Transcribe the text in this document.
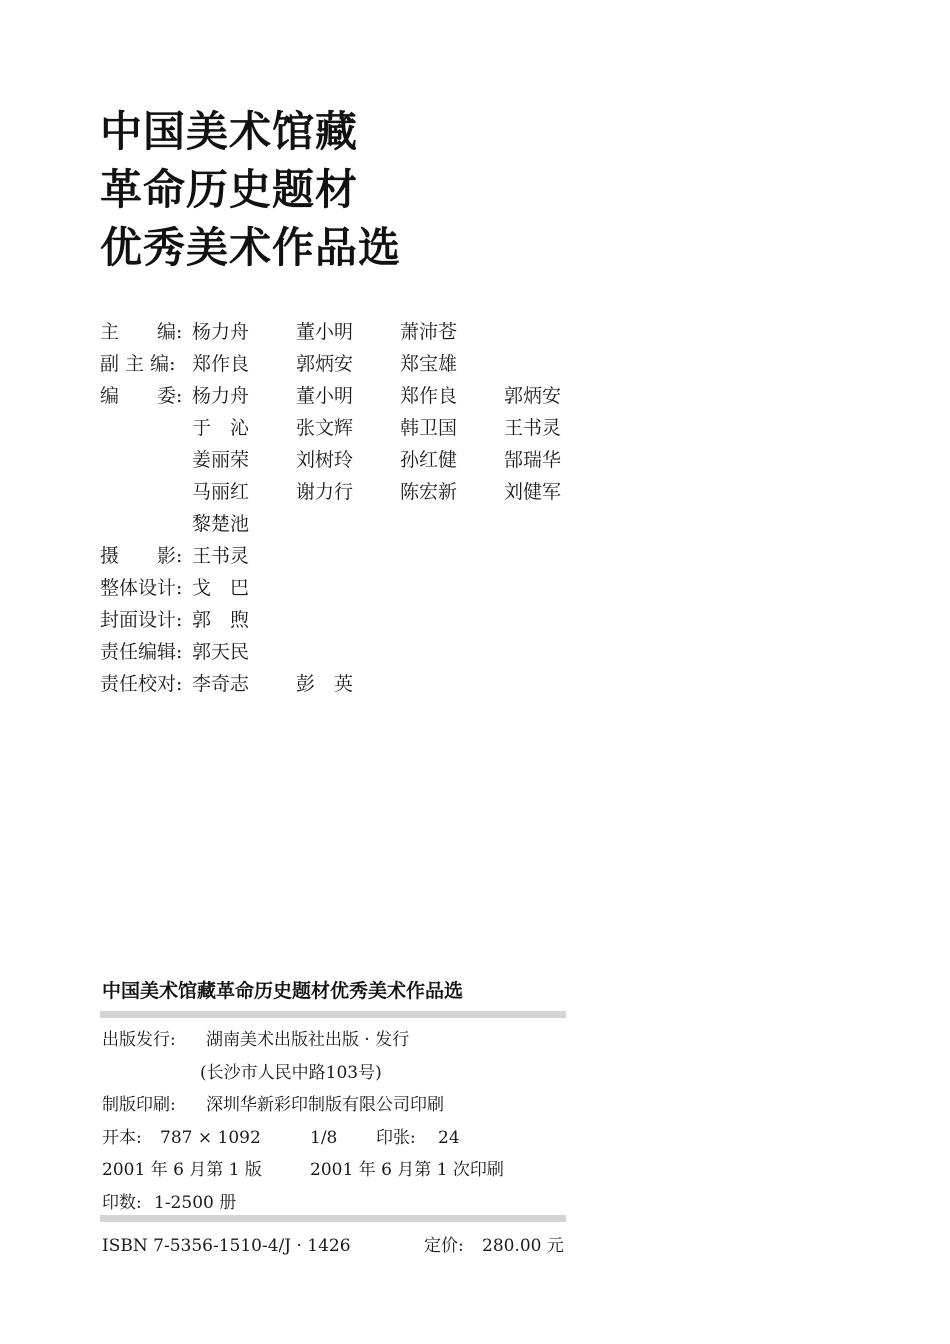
中国美术馆藏
革命历史题材
优秀美术作品选
主　　编: 杨力舟 董小明 萧沛苍
副 主 编: 郑作良 郭炳安 郑宝雄
编　　委: 杨力舟 董小明 郑作良 郭炳安
于　沁 张文辉 韩卫国 王书灵
姜丽荣 刘树玲 孙红健 郜瑞华
马丽红 谢力行 陈宏新 刘健军
黎楚池
摄　　影: 王书灵
整体设计: 戈　巴
封面设计: 郭　煦
责任编辑: 郭天民
责任校对: 李奇志 彭　英
中国美术馆藏革命历史题材优秀美术作品选
出版发行: 湖南美术出版社出版 · 发行
(长沙市人民中路103号)
制版印刷: 深圳华新彩印制版有限公司印刷
开本: 787 × 1092	1/8 印张: 24
2001 年 6 月第 1 版	2001 年 6 月第 1 次印刷
印数: 1-2500 册
ISBN 7-5356-1510-4/J · 1426	定价: 280.00 元
